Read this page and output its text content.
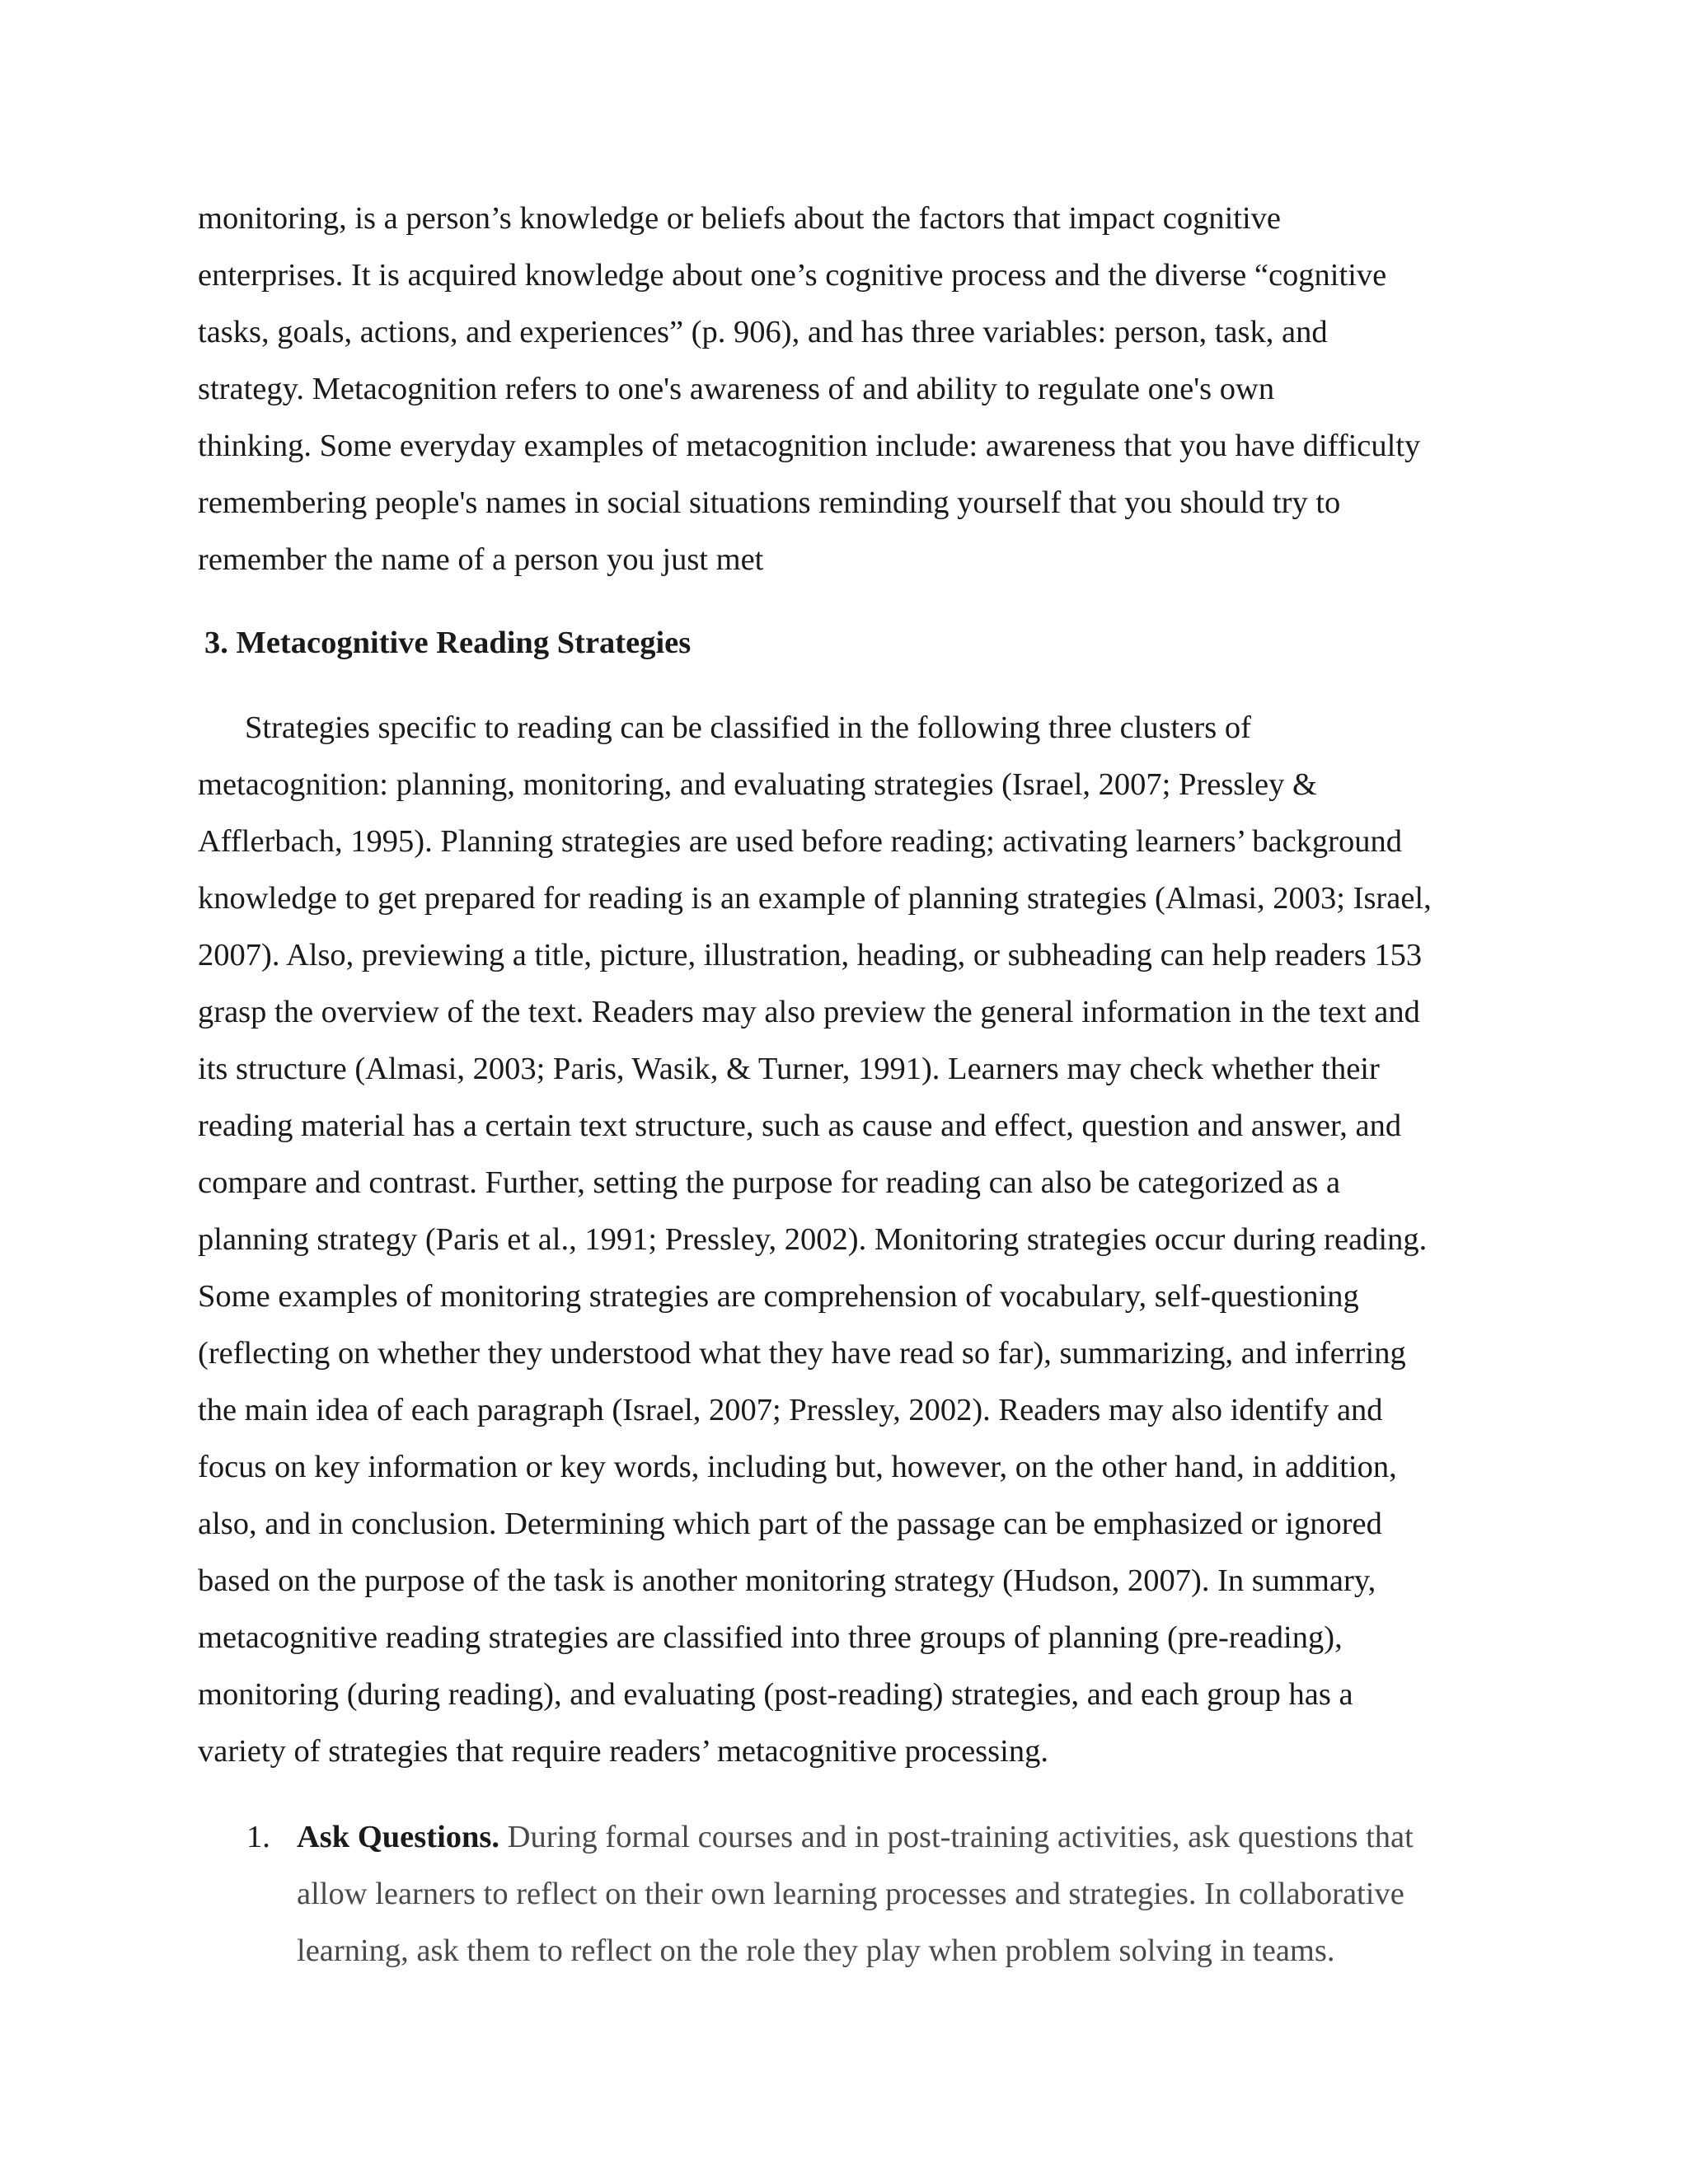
monitoring, is a person’s knowledge or beliefs about the factors that impact cognitive
enterprises. It is acquired knowledge about one’s cognitive process and the diverse “cognitive
tasks, goals, actions, and experiences” (p. 906), and has three variables: person, task, and
strategy. Metacognition refers to one's awareness of and ability to regulate one's own
thinking. Some everyday examples of metacognition include: awareness that you have difficulty
remembering people's names in social situations reminding yourself that you should try to
remember the name of a person you just met

3. Metacognitive Reading Strategies

Strategies specific to reading can be classified in the following three clusters of
metacognition: planning, monitoring, and evaluating strategies (Israel, 2007; Pressley &
Afflerbach, 1995). Planning strategies are used before reading; activating learners’ background
knowledge to get prepared for reading is an example of planning strategies (Almasi, 2003; Israel,
2007). Also, previewing a title, picture, illustration, heading, or subheading can help readers 153
grasp the overview of the text. Readers may also preview the general information in the text and
its structure (Almasi, 2003; Paris, Wasik, & Turner, 1991). Learners may check whether their
reading material has a certain text structure, such as cause and effect, question and answer, and
compare and contrast. Further, setting the purpose for reading can also be categorized as a
planning strategy (Paris et al., 1991; Pressley, 2002). Monitoring strategies occur during reading.
Some examples of monitoring strategies are comprehension of vocabulary, self-questioning
(reflecting on whether they understood what they have read so far), summarizing, and inferring
the main idea of each paragraph (Israel, 2007; Pressley, 2002). Readers may also identify and
focus on key information or key words, including but, however, on the other hand, in addition,
also, and in conclusion. Determining which part of the passage can be emphasized or ignored
based on the purpose of the task is another monitoring strategy (Hudson, 2007). In summary,
metacognitive reading strategies are classified into three groups of planning (pre-reading),
monitoring (during reading), and evaluating (post-reading) strategies, and each group has a
variety of strategies that require readers’ metacognitive processing.

1. Ask Questions. During formal courses and in post-training activities, ask questions that
allow learners to reflect on their own learning processes and strategies. In collaborative
learning, ask them to reflect on the role they play when problem solving in teams.
